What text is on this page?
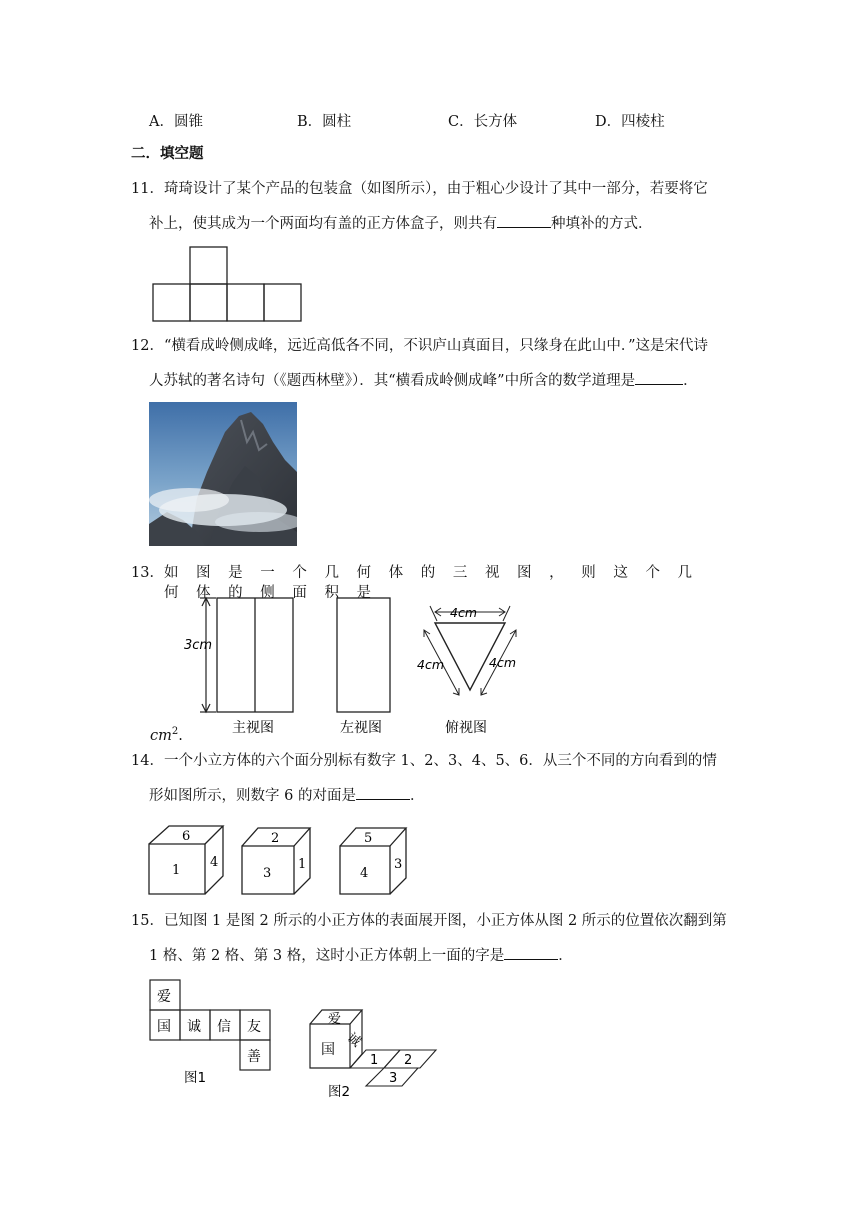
A．圆锥	B．圆柱	C．长方体	D．四棱柱
二．填空题
11．琦琦设计了某个产品的包装盒（如图所示），由于粗心少设计了其中一部分，若要将它
补上，使其成为一个两面均有盖的正方体盒子，则共有	种填补的方式．
12．“横看成岭侧成峰，远近高低各不同，不识庐山真面目，只缘身在此山中．”这是宋代诗
人苏轼的著名诗句（《题西林壁》）．其“横看成岭侧成峰”中所含的数学道理是	．
13． 如图是一个几何体的三视图，则这个几何体的侧面积是
3cm
主视图	左视图
4cm
4cm	4cm
俯视图
$cm^2$.
14．一个小立方体的六个面分别标有数字 1、2、3、4、5、6．从三个不同的方向看到的情
形如图所示，则数字 6 的对面是	．
6
1
4
2
3
1
5
4
3
15．已知图 1 是图 2 所示的小正方体的表面展开图，小正方体从图 2 所示的位置依次翻到第
1 格、第 2 格、第 3 格，这时小正方体朝上一面的字是	．
爱
国 诚 信 友
善
图1
爱
国 诚
1 2
3
图2
